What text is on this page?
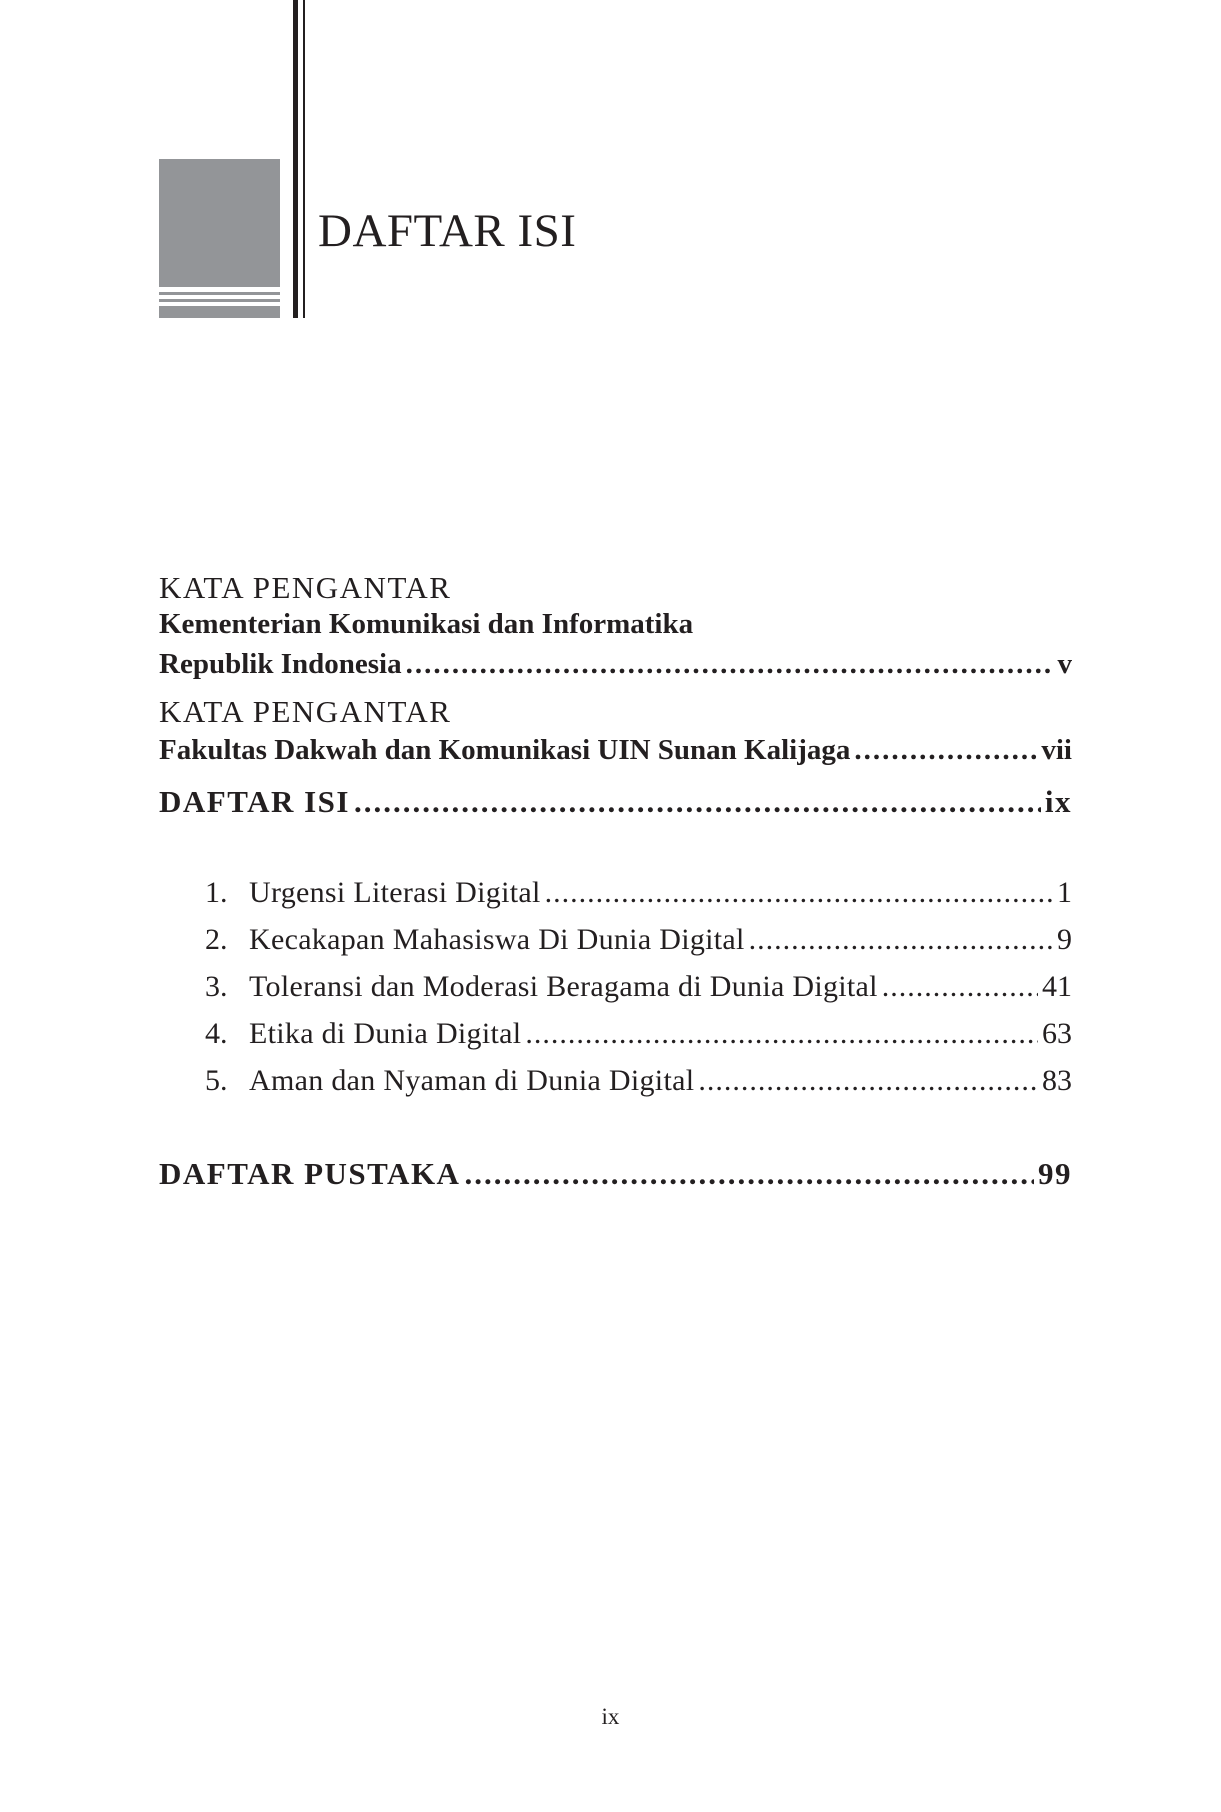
DAFTAR ISI
KATA PENGANTAR
Kementerian Komunikasi dan Informatika
Republik Indonesia .....	v
KATA PENGANTAR
Fakultas Dakwah dan Komunikasi UIN Sunan Kalijaga .....	vii
DAFTAR ISI .....	ix
1. Urgensi Literasi Digital .....	1
2. Kecakapan Mahasiswa Di Dunia Digital .....	9
3. Toleransi dan Moderasi Beragama di Dunia Digital .....	41
4. Etika di Dunia Digital .....	63
5. Aman dan Nyaman di Dunia Digital .....	83
DAFTAR PUSTAKA .....	99
ix
